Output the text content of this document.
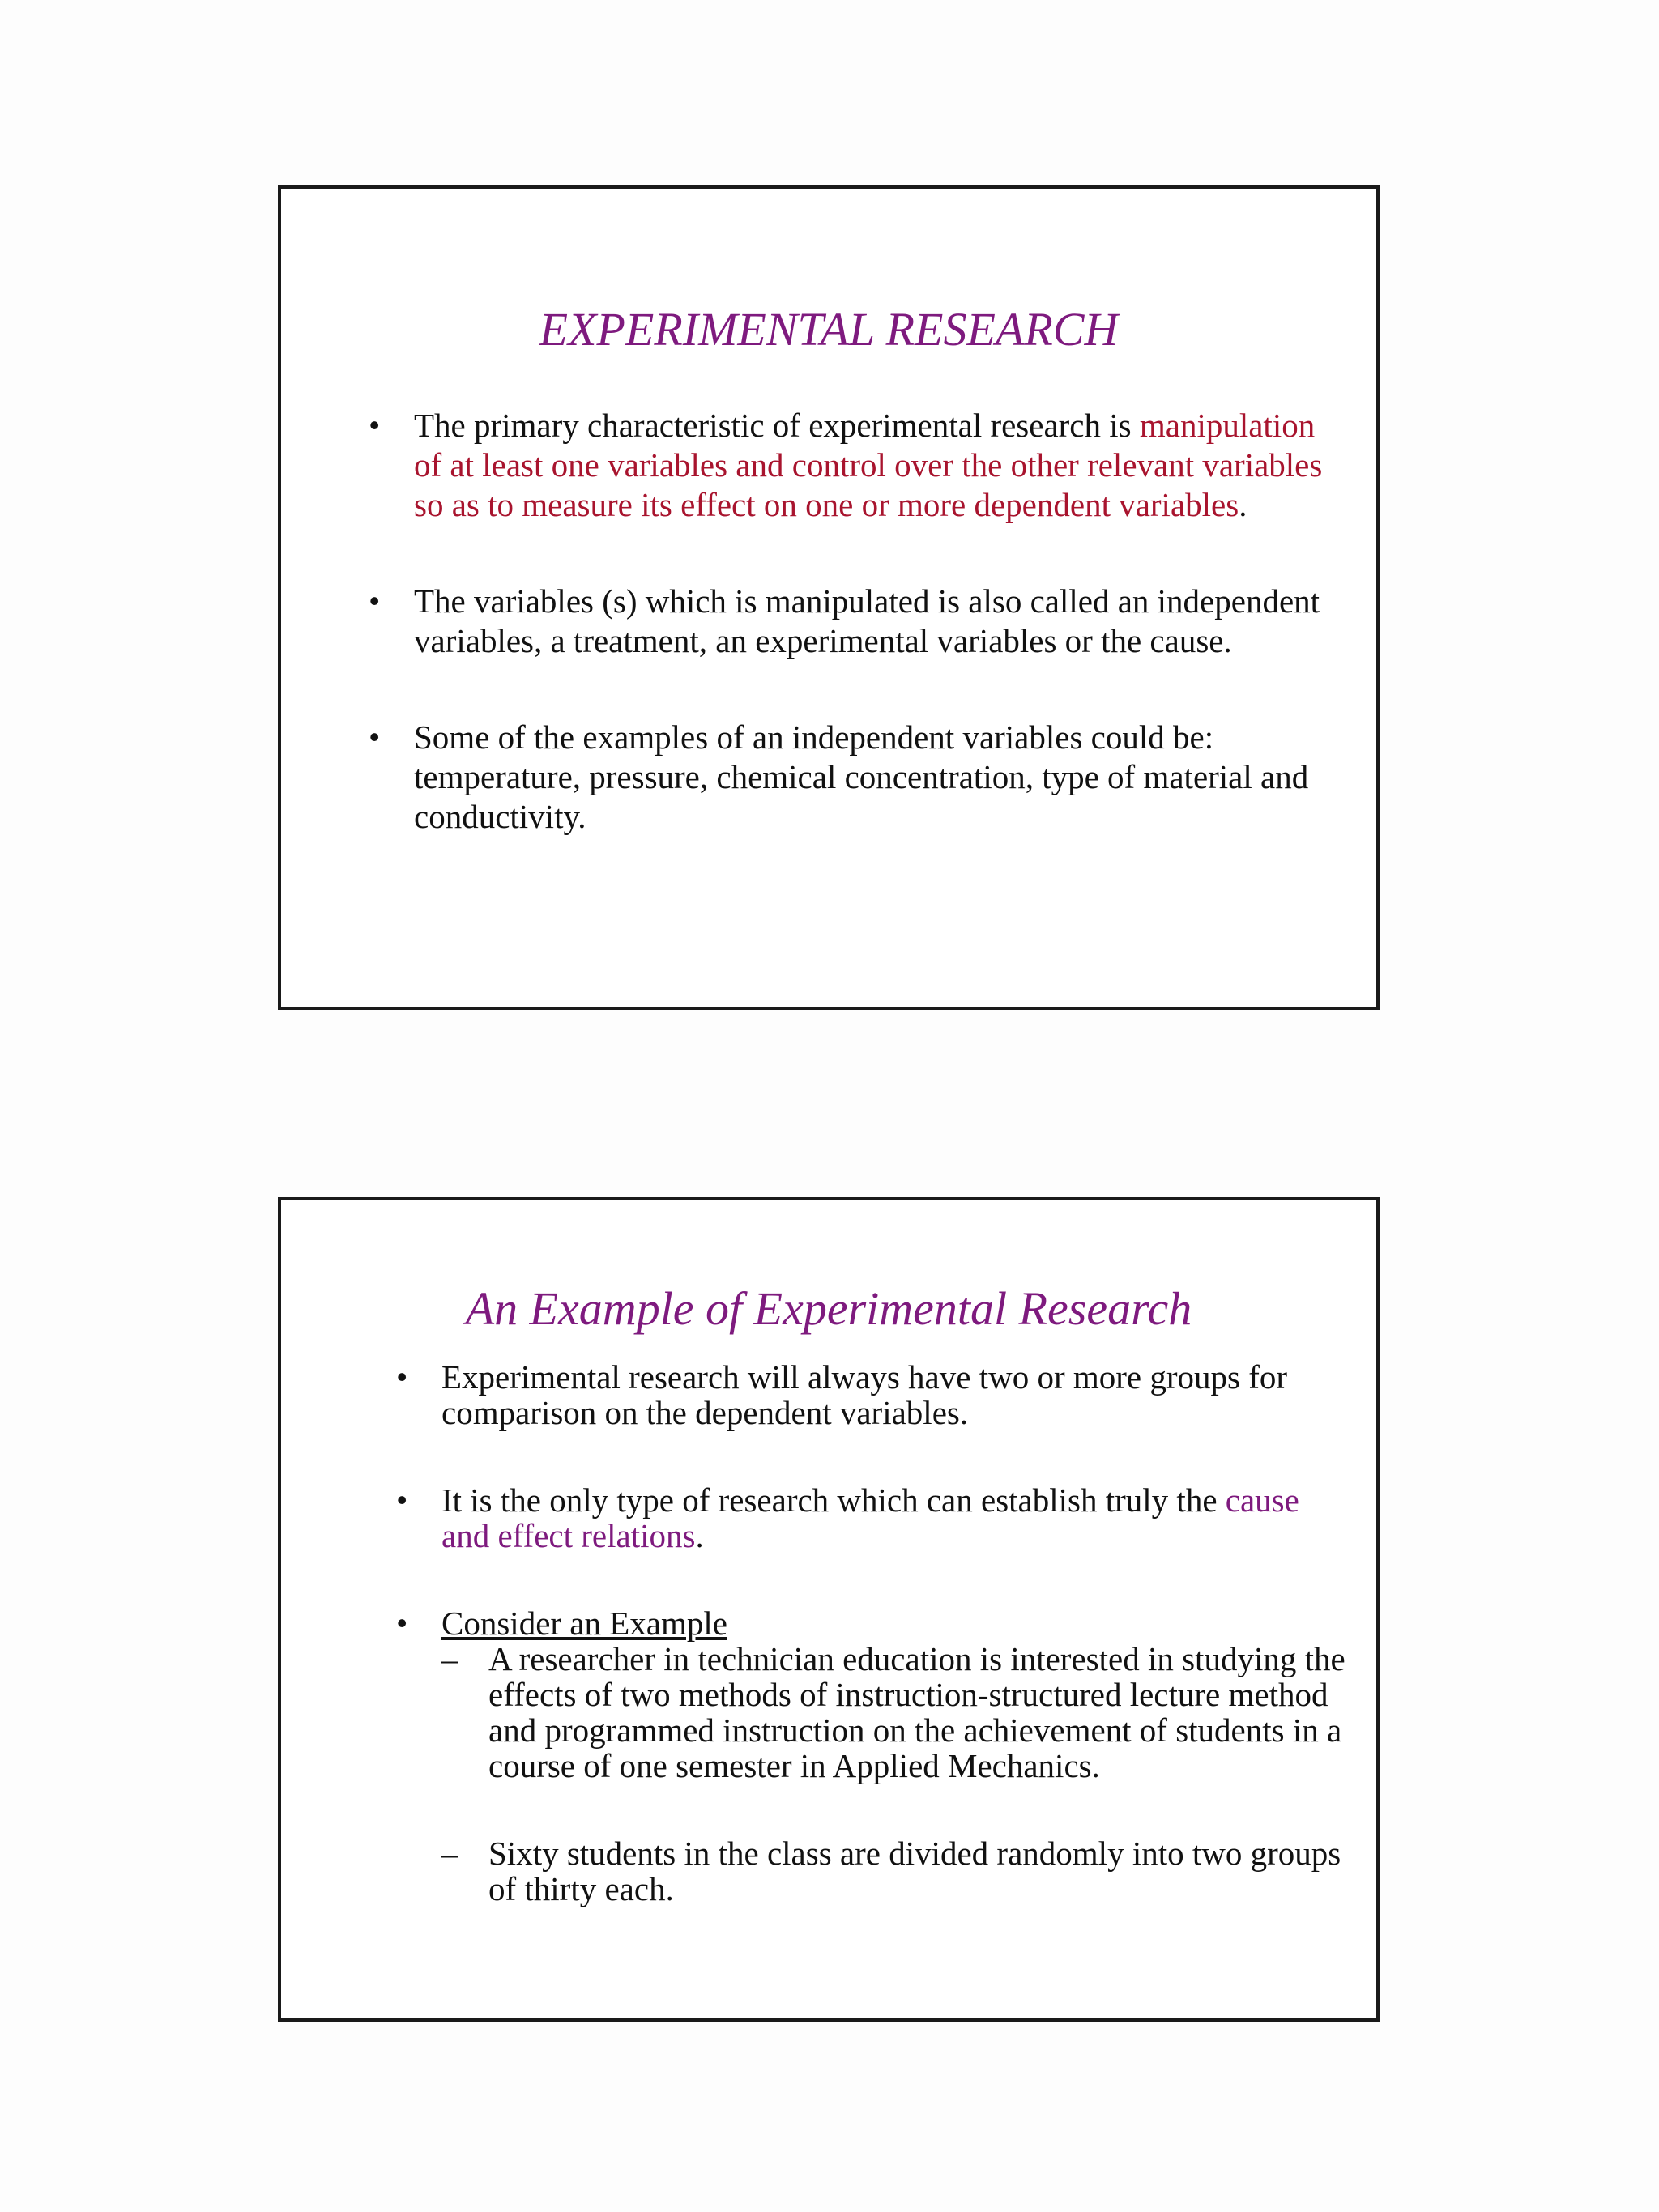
EXPERIMENTAL RESEARCH
• The primary characteristic of experimental research is manipulation of at least one variables and control over the other relevant variables so as to measure its effect on one or more dependent variables.
• The variables (s) which is manipulated is also called an independent variables, a treatment, an experimental variables or the cause.
• Some of the examples of an independent variables could be: temperature, pressure, chemical concentration, type of material and conductivity.
An Example of Experimental Research
• Experimental research will always have two or more groups for comparison on the dependent variables.
• It is the only type of research which can establish truly the cause and effect relations.
• Consider an Example
– A researcher in technician education is interested in studying the effects of two methods of instruction-structured lecture method and programmed instruction on the achievement of students in a course of one semester in Applied Mechanics.
– Sixty students in the class are divided randomly into two groups of thirty each.
